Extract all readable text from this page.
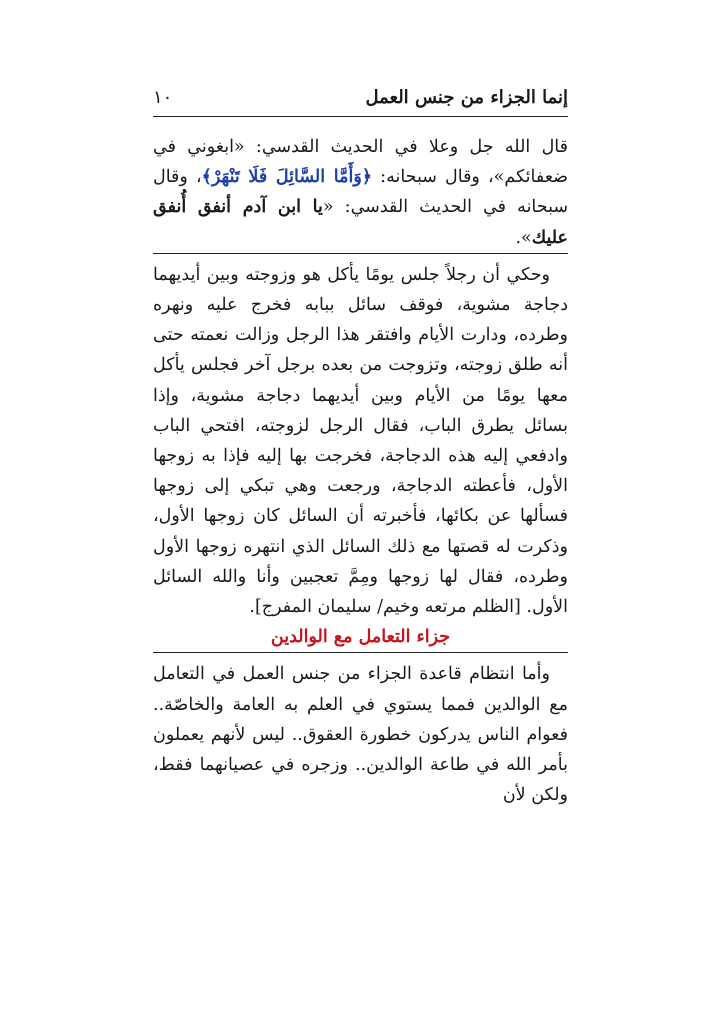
إنما الجزاء من جنس العمل
١٠

قال الله جل وعلا في الحديث القدسي: «ابغوني في ضعفائكم»، وقال سبحانه: ﴿وَأَمَّا السَّائِلَ فَلَا تَنْهَرْ﴾، وقال سبحانه في الحديث القدسي: «يا ابن آدم أنفق أُنفق عليك».

وحكي أن رجلاً جلس يومًا يأكل هو وزوجته وبين أيديهما دجاجة مشوية، فوقف سائل ببابه فخرج عليه ونهره وطرده، ودارت الأيام وافتقر هذا الرجل وزالت نعمته حتى أنه طلق زوجته، وتزوجت من بعده برجل آخر فجلس يأكل معها يومًا من الأيام وبين أيديهما دجاجة مشوية، وإذا بسائل يطرق الباب، فقال الرجل لزوجته، افتحي الباب وادفعي إليه هذه الدجاجة، فخرجت بها إليه فإذا به زوجها الأول، فأعطته الدجاجة، ورجعت وهي تبكي إلى زوجها فسألها عن بكائها، فأخبرته أن السائل كان زوجها الأول، وذكرت له قصتها مع ذلك السائل الذي انتهره زوجها الأول وطرده، فقال لها زوجها ومِمَّ تعجبين وأنا والله السائل الأول. [الظلم مرتعه وخيم/ سليمان المفرج].

جزاء التعامل مع الوالدين

وأما انتظام قاعدة الجزاء من جنس العمل في التعامل مع الوالدين فمما يستوي في العلم به العامة والخاصّة.. فعوام الناس يدركون خطورة العقوق.. ليس لأنهم يعملون بأمر الله في طاعة الوالدين.. وزجره في عصيانهما فقط، ولكن لأن
